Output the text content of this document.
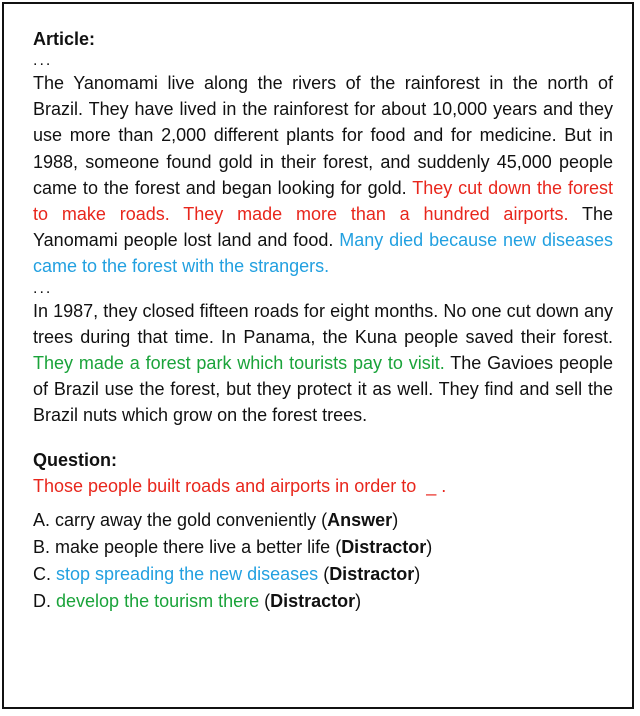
Article:
...

The Yanomami live along the rivers of the rainforest in the north of Brazil. They have lived in the rainforest for about 10,000 years and they use more than 2,000 different plants for food and for medicine. But in 1988, someone found gold in their forest, and suddenly 45,000 people came to the forest and began looking for gold. They cut down the forest to make roads. They made more than a hundred airports. The Yanomami people lost land and food. Many died because new diseases came to the forest with the strangers.

...

In 1987, they closed fifteen roads for eight months. No one cut down any trees during that time. In Panama, the Kuna people saved their forest. They made a forest park which tourists pay to visit. The Gavioes people of Brazil use the forest, but they protect it as well. They find and sell the Brazil nuts which grow on the forest trees.

Question:
Those people built roads and airports in order to _ .
A. carry away the gold conveniently (Answer)
B. make people there live a better life (Distractor)
C. stop spreading the new diseases (Distractor)
D. develop the tourism there (Distractor)
